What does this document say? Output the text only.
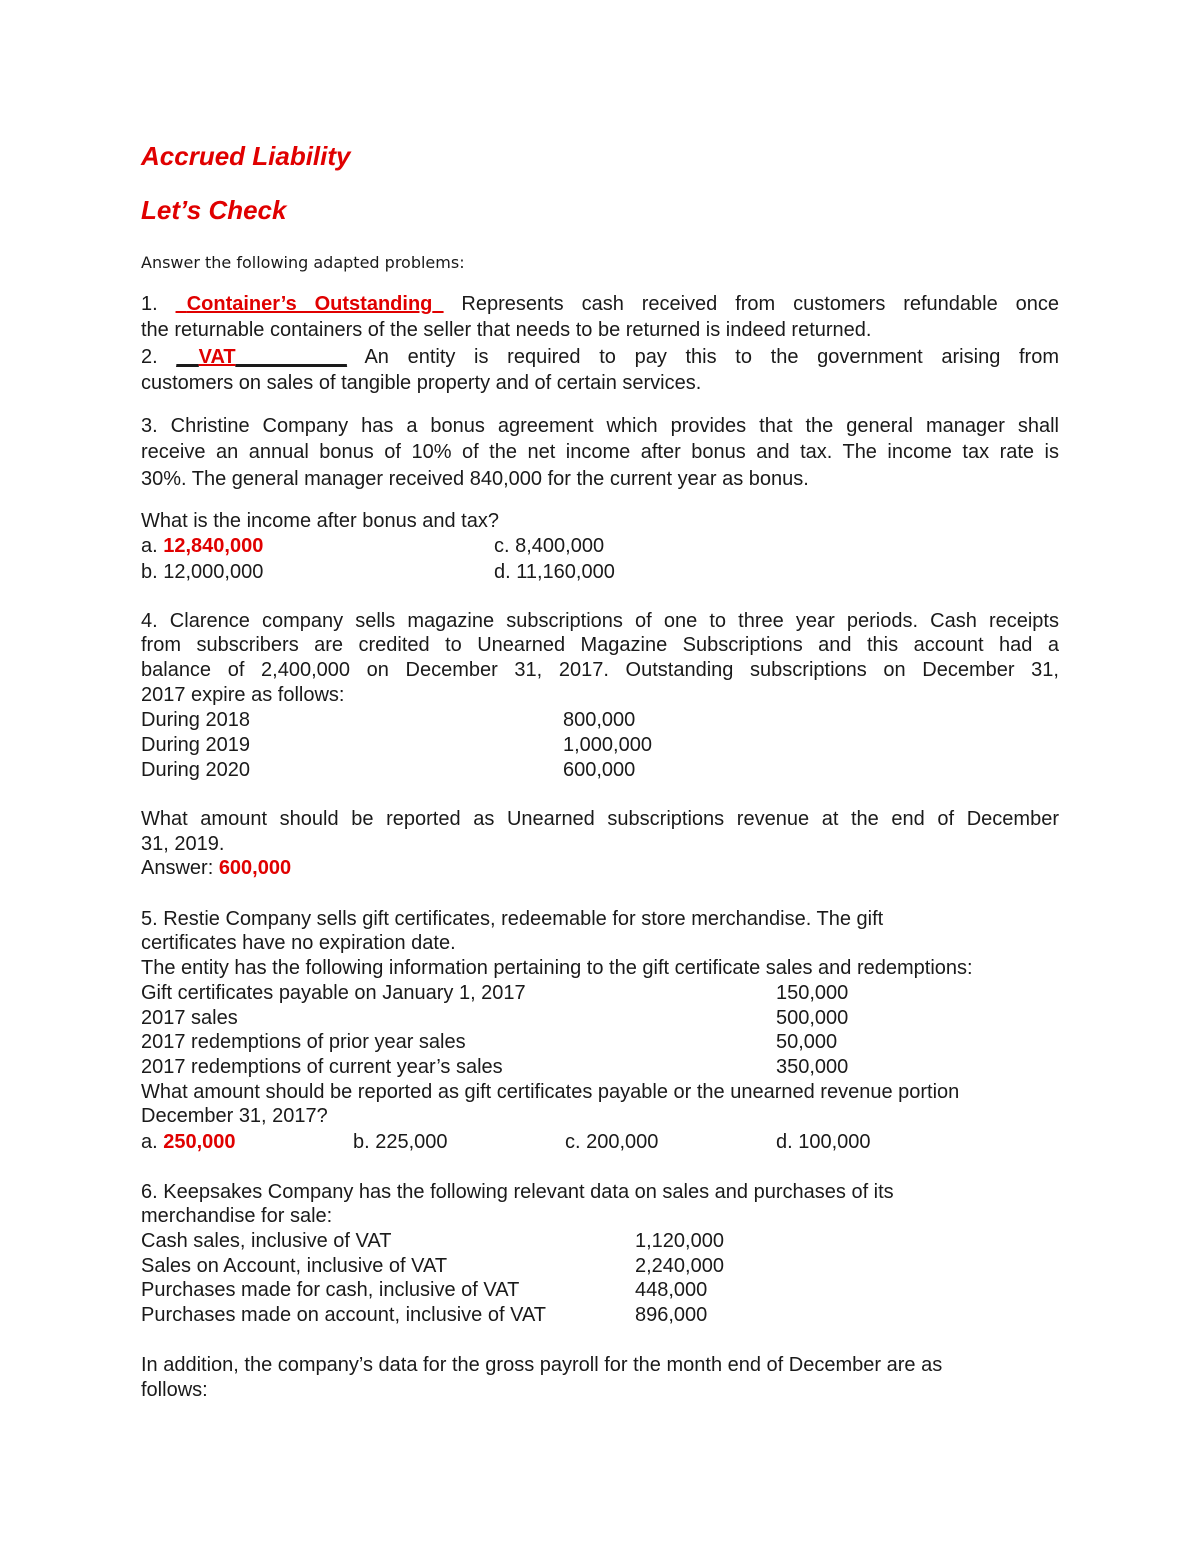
Accrued Liability
Let’s Check
Answer the following adapted problems:
1. _Container’s Outstanding_ Represents cash received from customers refundable once
the returnable containers of the seller that needs to be returned is indeed returned.
2. __VAT__________ An entity is required to pay this to the government arising from
customers on sales of tangible property and of certain services.
3. Christine Company has a bonus agreement which provides that the general manager shall
receive an annual bonus of 10% of the net income after bonus and tax. The income tax rate is
30%. The general manager received 840,000 for the current year as bonus.
What is the income after bonus and tax?
a. 12,840,000	c. 8,400,000
b. 12,000,000	d. 11,160,000
4. Clarence company sells magazine subscriptions of one to three year periods. Cash receipts
from subscribers are credited to Unearned Magazine Subscriptions and this account had a
balance of 2,400,000 on December 31, 2017. Outstanding subscriptions on December 31,
2017 expire as follows:
During 2018	800,000
During 2019	1,000,000
During 2020	600,000
What amount should be reported as Unearned subscriptions revenue at the end of December
31, 2019.
Answer: 600,000
5. Restie Company sells gift certificates, redeemable for store merchandise. The gift
certificates have no expiration date.
The entity has the following information pertaining to the gift certificate sales and redemptions:
Gift certificates payable on January 1, 2017	150,000
2017 sales	500,000
2017 redemptions of prior year sales	50,000
2017 redemptions of current year’s sales	350,000
What amount should be reported as gift certificates payable or the unearned revenue portion
December 31, 2017?
a. 250,000	b. 225,000	c. 200,000	d. 100,000
6. Keepsakes Company has the following relevant data on sales and purchases of its
merchandise for sale:
Cash sales, inclusive of VAT	1,120,000
Sales on Account, inclusive of VAT	2,240,000
Purchases made for cash, inclusive of VAT	448,000
Purchases made on account, inclusive of VAT	896,000
In addition, the company’s data for the gross payroll for the month end of December are as
follows:
